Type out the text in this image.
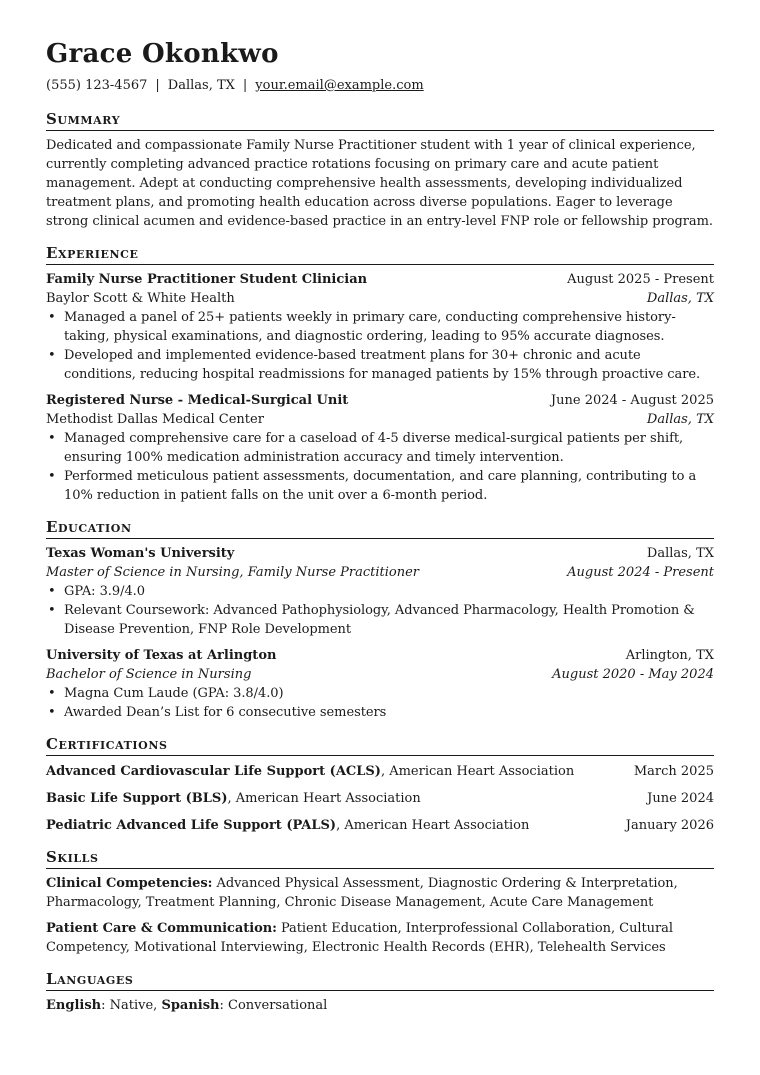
Grace Okonkwo
(555) 123-4567 | Dallas, TX | your.email@example.com
Summary

Dedicated and compassionate Family Nurse Practitioner student with 1 year of clinical experience, currently completing advanced practice rotations focusing on primary care and acute patient management. Adept at conducting comprehensive health assessments, developing individualized treatment plans, and promoting health education across diverse populations. Eager to leverage strong clinical acumen and evidence-based practice in an entry-level FNP role or fellowship program.

Experience
Family Nurse Practitioner Student Clinician	August 2025 - Present
Baylor Scott & White Health	Dallas, TX
• Managed a panel of 25+ patients weekly in primary care, conducting comprehensive history-taking, physical examinations, and diagnostic ordering, leading to 95% accurate diagnoses.
• Developed and implemented evidence-based treatment plans for 30+ chronic and acute conditions, reducing hospital readmissions for managed patients by 15% through proactive care.
Registered Nurse - Medical-Surgical Unit	June 2024 - August 2025
Methodist Dallas Medical Center	Dallas, TX
• Managed comprehensive care for a caseload of 4-5 diverse medical-surgical patients per shift, ensuring 100% medication administration accuracy and timely intervention.
• Performed meticulous patient assessments, documentation, and care planning, contributing to a 10% reduction in patient falls on the unit over a 6-month period.
Education
Texas Woman's University	Dallas, TX
Master of Science in Nursing, Family Nurse Practitioner	August 2024 - Present
• GPA: 3.9/4.0
• Relevant Coursework: Advanced Pathophysiology, Advanced Pharmacology, Health Promotion & Disease Prevention, FNP Role Development
University of Texas at Arlington	Arlington, TX
Bachelor of Science in Nursing	August 2020 - May 2024
• Magna Cum Laude (GPA: 3.8/4.0)
• Awarded Dean’s List for 6 consecutive semesters
Certifications
Advanced Cardiovascular Life Support (ACLS), American Heart Association	March 2025
Basic Life Support (BLS), American Heart Association	June 2024
Pediatric Advanced Life Support (PALS), American Heart Association	January 2026
Skills
Clinical Competencies: Advanced Physical Assessment, Diagnostic Ordering & Interpretation, Pharmacology, Treatment Planning, Chronic Disease Management, Acute Care Management
Patient Care & Communication: Patient Education, Interprofessional Collaboration, Cultural Competency, Motivational Interviewing, Electronic Health Records (EHR), Telehealth Services
Languages
English: Native, Spanish: Conversational
